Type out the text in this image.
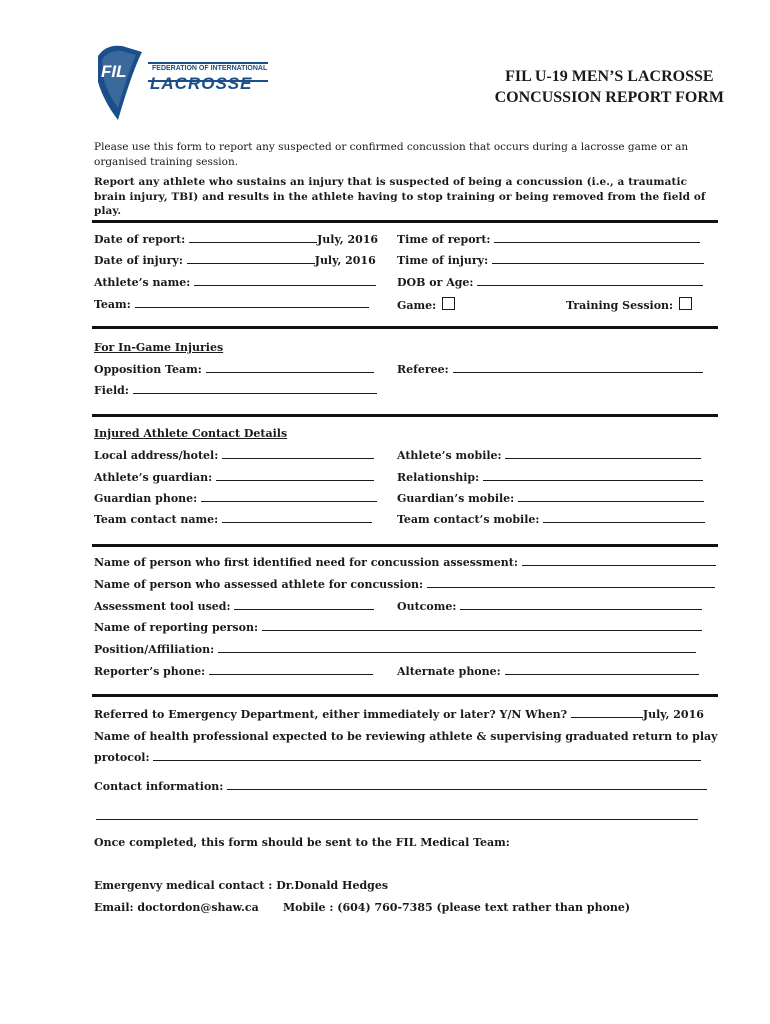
FIL	FEDERATION OF INTERNATIONAL
LACROSSE	FIL U-19 MEN’S LACROSSE
CONCUSSION REPORT FORM
Please use this form to report any suspected or confirmed concussion that occurs during a lacrosse game or an organised training session.
Report any athlete who sustains an injury that is suspected of being a concussion (i.e., a traumatic brain injury, TBI) and results in the athlete having to stop training or being removed from the field of play.
Date of report:	July, 2016 Time of report:
Date of injury:	July, 2016 Time of injury:
Athlete’s name:	DOB or Age:
Team:	Game:	Training Session:
For In-Game Injuries
Opposition Team:	Referee:
Field:
Injured Athlete Contact Details
Local address/hotel:	Athlete’s mobile:
Athlete’s guardian:	Relationship:
Guardian phone:	Guardian’s mobile:
Team contact name:	Team contact’s mobile:
Name of person who first identified need for concussion assessment:
Name of person who assessed athlete for concussion:
Assessment tool used:	Outcome:
Name of reporting person:
Position/Affiliation:
Reporter’s phone:	Alternate phone:
Referred to Emergency Department, either immediately or later? Y/N When?	July, 2016
Name of health professional expected to be reviewing athlete & supervising graduated return to play
protocol:
Contact information:
Once completed, this form should be sent to the FIL Medical Team:
Emergenvy medical contact : Dr.Donald Hedges
Email: doctordon@shaw.ca Mobile : (604) 760-7385 (please text rather than phone)
